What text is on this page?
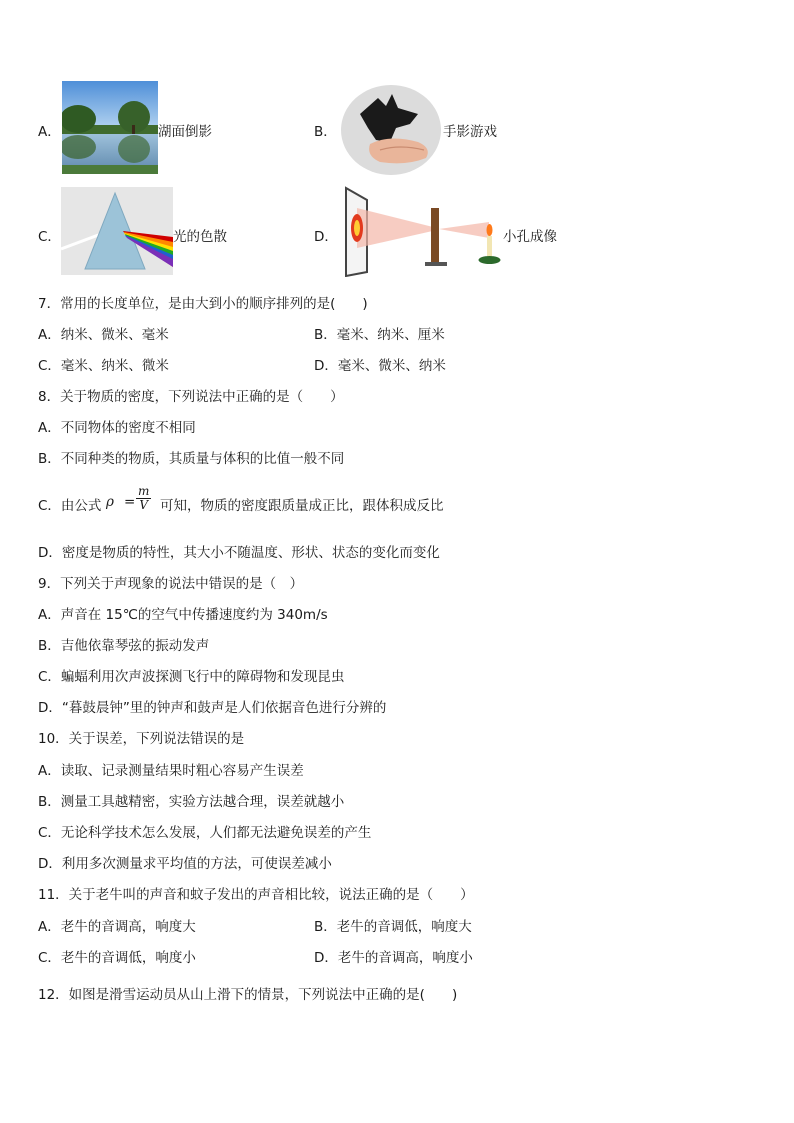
A．	湖面倒影	B．	手影游戏
C．	光的色散	D．	小孔成像
7．常用的长度单位，是由大到小的顺序排列的是(　　)
A．纳米、微米、毫米	B．毫米、纳米、厘米
C．毫米、纳米、微米	D．毫米、微米、纳米
8．关于物质的密度，下列说法中正确的是（　　）
A．不同物体的密度不相同
B．不同种类的物质，其质量与体积的比值一般不同
C．由公式 $\rho = \frac{m}{V}$ 可知，物质的密度跟质量成正比，跟体积成反比
D．密度是物质的特性，其大小不随温度、形状、状态的变化而变化
9．下列关于声现象的说法中错误的是（　）
A．声音在 15℃的空气中传播速度约为 340m/s
B．吉他依靠琴弦的振动发声
C．蝙蝠利用次声波探测飞行中的障碍物和发现昆虫
D．“暮鼓晨钟”里的钟声和鼓声是人们依据音色进行分辨的
10．关于误差，下列说法错误的是
A．读取、记录测量结果时粗心容易产生误差
B．测量工具越精密，实验方法越合理，误差就越小
C．无论科学技术怎么发展，人们都无法避免误差的产生
D．利用多次测量求平均值的方法，可使误差减小
11．关于老牛叫的声音和蚊子发出的声音相比较，说法正确的是（　　）
A．老牛的音调高，响度大	B．老牛的音调低，响度大
C．老牛的音调低，响度小	D．老牛的音调高，响度小
12．如图是滑雪运动员从山上滑下的情景，下列说法中正确的是(　　)
